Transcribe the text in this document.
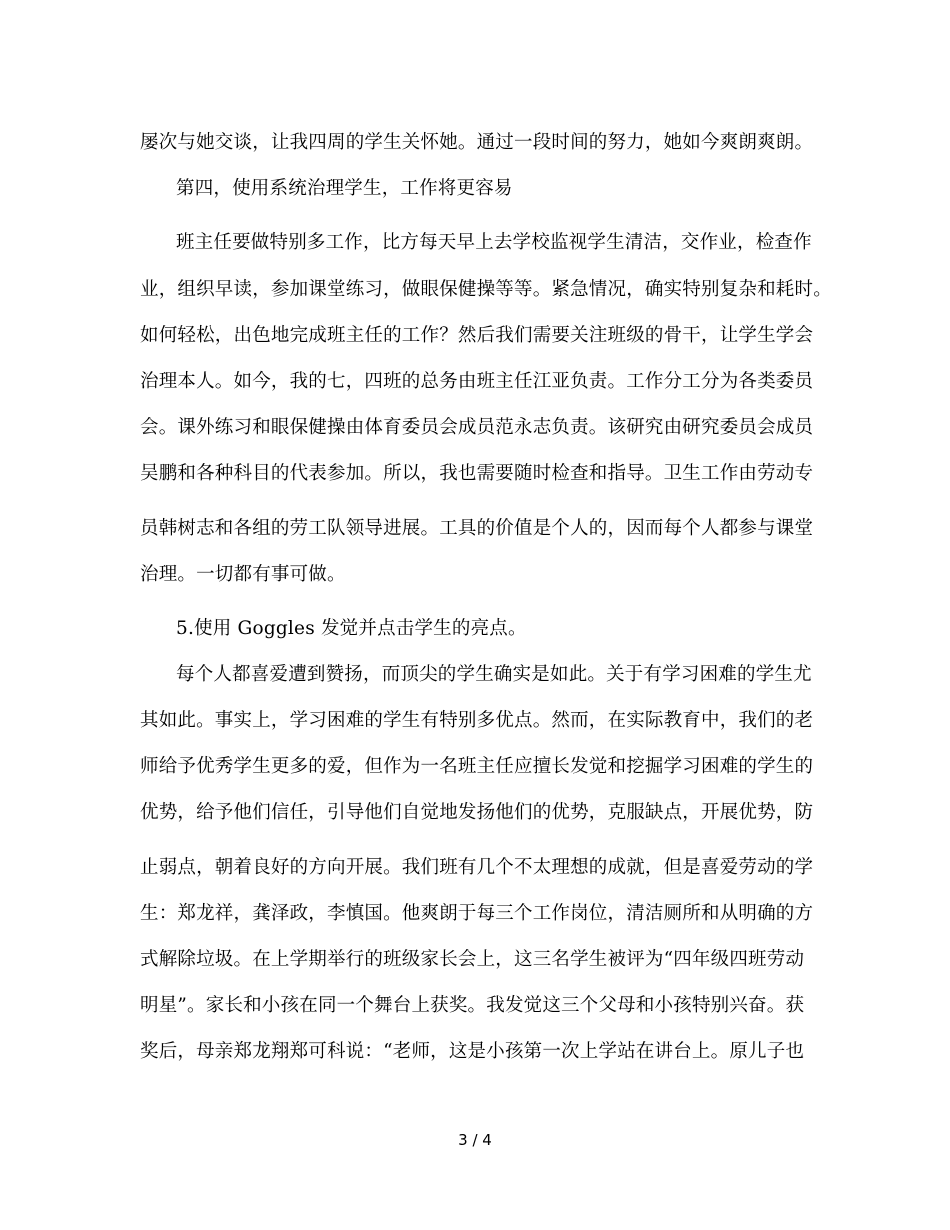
屡次与她交谈，让我四周的学生关怀她。通过一段时间的努力，她如今爽朗爽朗。
第四，使用系统治理学生，工作将更容易
班主任要做特别多工作，比方每天早上去学校监视学生清洁，交作业，检查作
业，组织早读，参加课堂练习，做眼保健操等等。紧急情况，确实特别复杂和耗时。
如何轻松，出色地完成班主任的工作？然后我们需要关注班级的骨干，让学生学会
治理本人。如今，我的七，四班的总务由班主任江亚负责。工作分工分为各类委员
会。课外练习和眼保健操由体育委员会成员范永志负责。该研究由研究委员会成员
吴鹏和各种科目的代表参加。所以，我也需要随时检查和指导。卫生工作由劳动专
员韩树志和各组的劳工队领导进展。工具的价值是个人的，因而每个人都参与课堂
治理。一切都有事可做。
5.使用 Goggles 发觉并点击学生的亮点。
每个人都喜爱遭到赞扬，而顶尖的学生确实是如此。关于有学习困难的学生尤
其如此。事实上，学习困难的学生有特别多优点。然而，在实际教育中，我们的老
师给予优秀学生更多的爱，但作为一名班主任应擅长发觉和挖掘学习困难的学生的
优势，给予他们信任，引导他们自觉地发扬他们的优势，克服缺点，开展优势，防
止弱点，朝着良好的方向开展。我们班有几个不太理想的成就，但是喜爱劳动的学
生：郑龙祥，龚泽政，李慎国。他爽朗于每三个工作岗位，清洁厕所和从明确的方
式解除垃圾。在上学期举行的班级家长会上，这三名学生被评为“四年级四班劳动
明星”。家长和小孩在同一个舞台上获奖。我发觉这三个父母和小孩特别兴奋。获
奖后，母亲郑龙翔郑可科说：“老师，这是小孩第一次上学站在讲台上。原儿子也
3 / 4
